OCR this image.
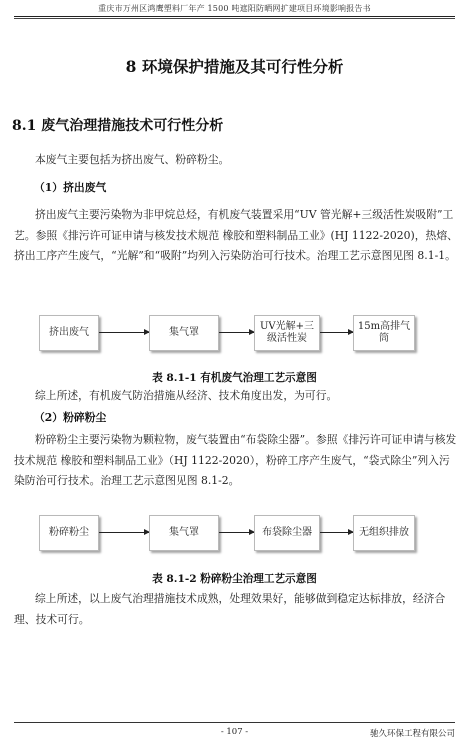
重庆市万州区鸿鹰塑料厂年产 1500 吨遮阳防晒网扩建项目环境影响报告书
8 环境保护措施及其可行性分析
8.1 废气治理措施技术可行性分析
本废气主要包括为挤出废气、粉碎粉尘。
（1）挤出废气
挤出废气主要污染物为非甲烷总烃，有机废气装置采用“UV 管光解+三级活性炭吸附”工艺。参照《排污许可证申请与核发技术规范 橡胶和塑料制品工业》(HJ 1122-2020)，热熔、挤出工序产生废气，“光解”和“吸附”均列入污染防治可行技术。治理工艺示意图见图 8.1-1。
挤出废气	集气罩
UV光解+三级活性炭
15m高排气筒
表 8.1-1 有机废气治理工艺示意图
综上所述，有机废气防治措施从经济、技术角度出发，为可行。
（2）粉碎粉尘
粉碎粉尘主要污染物为颗粒物，废气装置由“布袋除尘器”。参照《排污许可证申请与核发技术规范 橡胶和塑料制品工业》（HJ 1122-2020），粉碎工序产生废气，“袋式除尘”列入污染防治可行技术。治理工艺示意图见图 8.1-2。
粉碎粉尘	集气罩	布袋除尘器	无组织排放
表 8.1-2 粉碎粉尘治理工艺示意图
综上所述，以上废气治理措施技术成熟，处理效果好，能够做到稳定达标排放，经济合理、技术可行。
- 107 -	驰久环保工程有限公司
